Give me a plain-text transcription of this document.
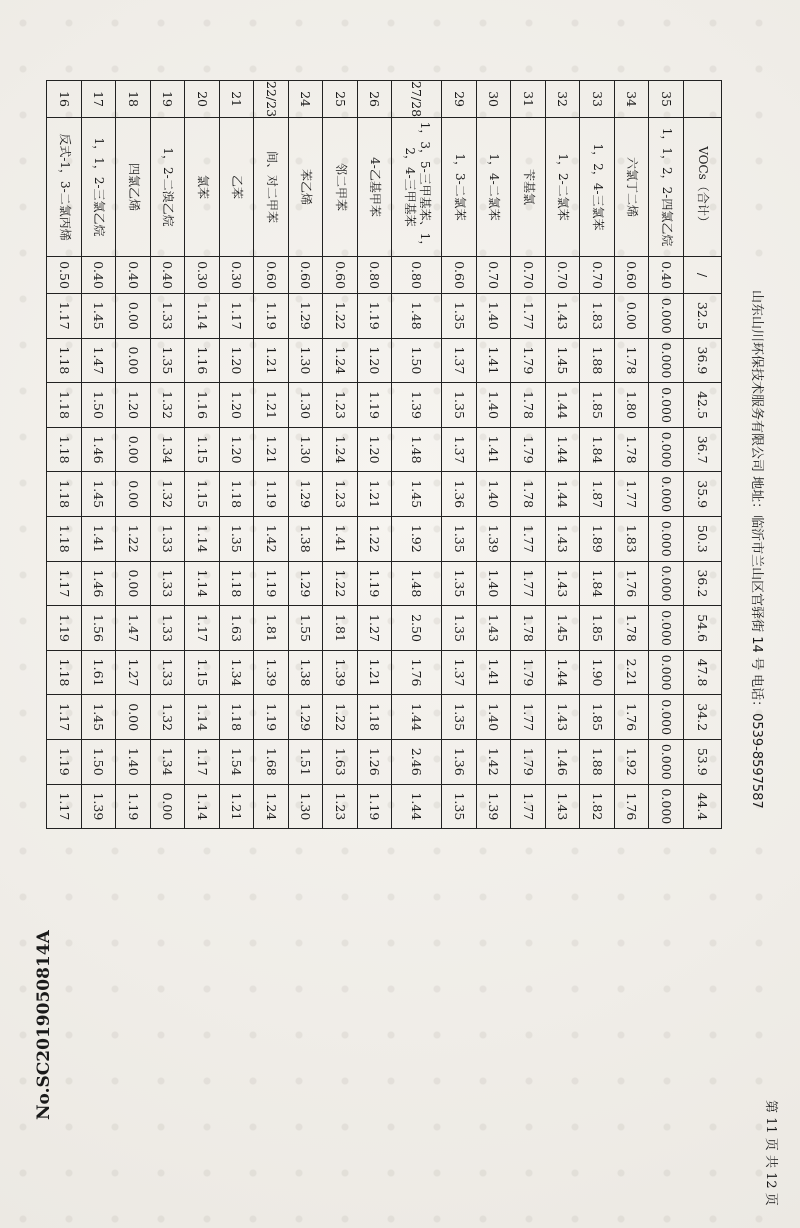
第 11 页 共 12 页
	VOCs（合计）	/	32.5	36.9	42.5	36.7	35.9	50.3	36.2	54.6	47.8	34.2	53.9	44.4
35	1，1，2，2-四氯乙烷	0.40	0.000	0.000	0.000	0.000	0.000	0.000	0.000	0.000	0.000	0.000	0.000	0.000
34	六氯丁二烯	0.60	0.00	1.78	1.80	1.78	1.77	1.83	1.76	1.78	2.21	1.76	1.92	1.76
33	1，2，4-三氯苯	0.70	1.83	1.88	1.85	1.84	1.87	1.89	1.84	1.85	1.90	1.85	1.88	1.82
32	1，2-二氯苯	0.70	1.43	1.45	1.44	1.44	1.44	1.43	1.43	1.45	1.44	1.43	1.46	1.43
31	苄基氯	0.70	1.77	1.79	1.78	1.79	1.78	1.77	1.77	1.78	1.79	1.77	1.79	1.77
30	1，4-二氯苯	0.70	1.40	1.41	1.40	1.41	1.40	1.39	1.40	1.43	1.41	1.40	1.42	1.39
29	1，3-二氯苯	0.60	1.35	1.37	1.35	1.37	1.36	1.35	1.35	1.35	1.37	1.35	1.36	1.35
27/28	1，3，5-三甲基苯、1，2，4-三甲基苯	0.80	1.48	1.50	1.39	1.48	1.45	1.92	1.48	2.50	1.76	1.44	2.46	1.44
26	4-乙基甲苯	0.80	1.19	1.20	1.19	1.20	1.21	1.22	1.19	1.27	1.21	1.18	1.26	1.19
25	邻二甲苯	0.60	1.22	1.24	1.23	1.24	1.23	1.41	1.22	1.81	1.39	1.22	1.63	1.23
24	苯乙烯	0.60	1.29	1.30	1.30	1.30	1.29	1.38	1.29	1.55	1.38	1.29	1.51	1.30
22/23	间、对二甲苯	0.60	1.19	1.21	1.21	1.21	1.19	1.42	1.19	1.81	1.39	1.19	1.68	1.24
21	乙苯	0.30	1.17	1.20	1.20	1.20	1.18	1.35	1.18	1.63	1.34	1.18	1.54	1.21
20	氯苯	0.30	1.14	1.16	1.16	1.15	1.15	1.14	1.14	1.17	1.15	1.14	1.17	1.14
19	1，2-二溴乙烷	0.40	1.33	1.35	1.32	1.34	1.32	1.33	1.33	1.33	1.33	1.32	1.34	0.00
18	四氯乙烯	0.40	0.00	0.00	1.20	0.00	0.00	1.22	0.00	1.47	1.27	0.00	1.40	1.19
17	1，1，2-三氯乙烷	0.40	1.45	1.47	1.50	1.46	1.45	1.41	1.46	1.56	1.61	1.45	1.50	1.39
16	反式-1，3-二氯丙烯	0.50	1.17	1.18	1.18	1.18	1.18	1.18	1.17	1.19	1.18	1.17	1.19	1.17
No.SC2019050814A
山东山川环保技术服务有限公司 地址：临沂市兰山区官驿街 14 号 电话：0539-8597587
